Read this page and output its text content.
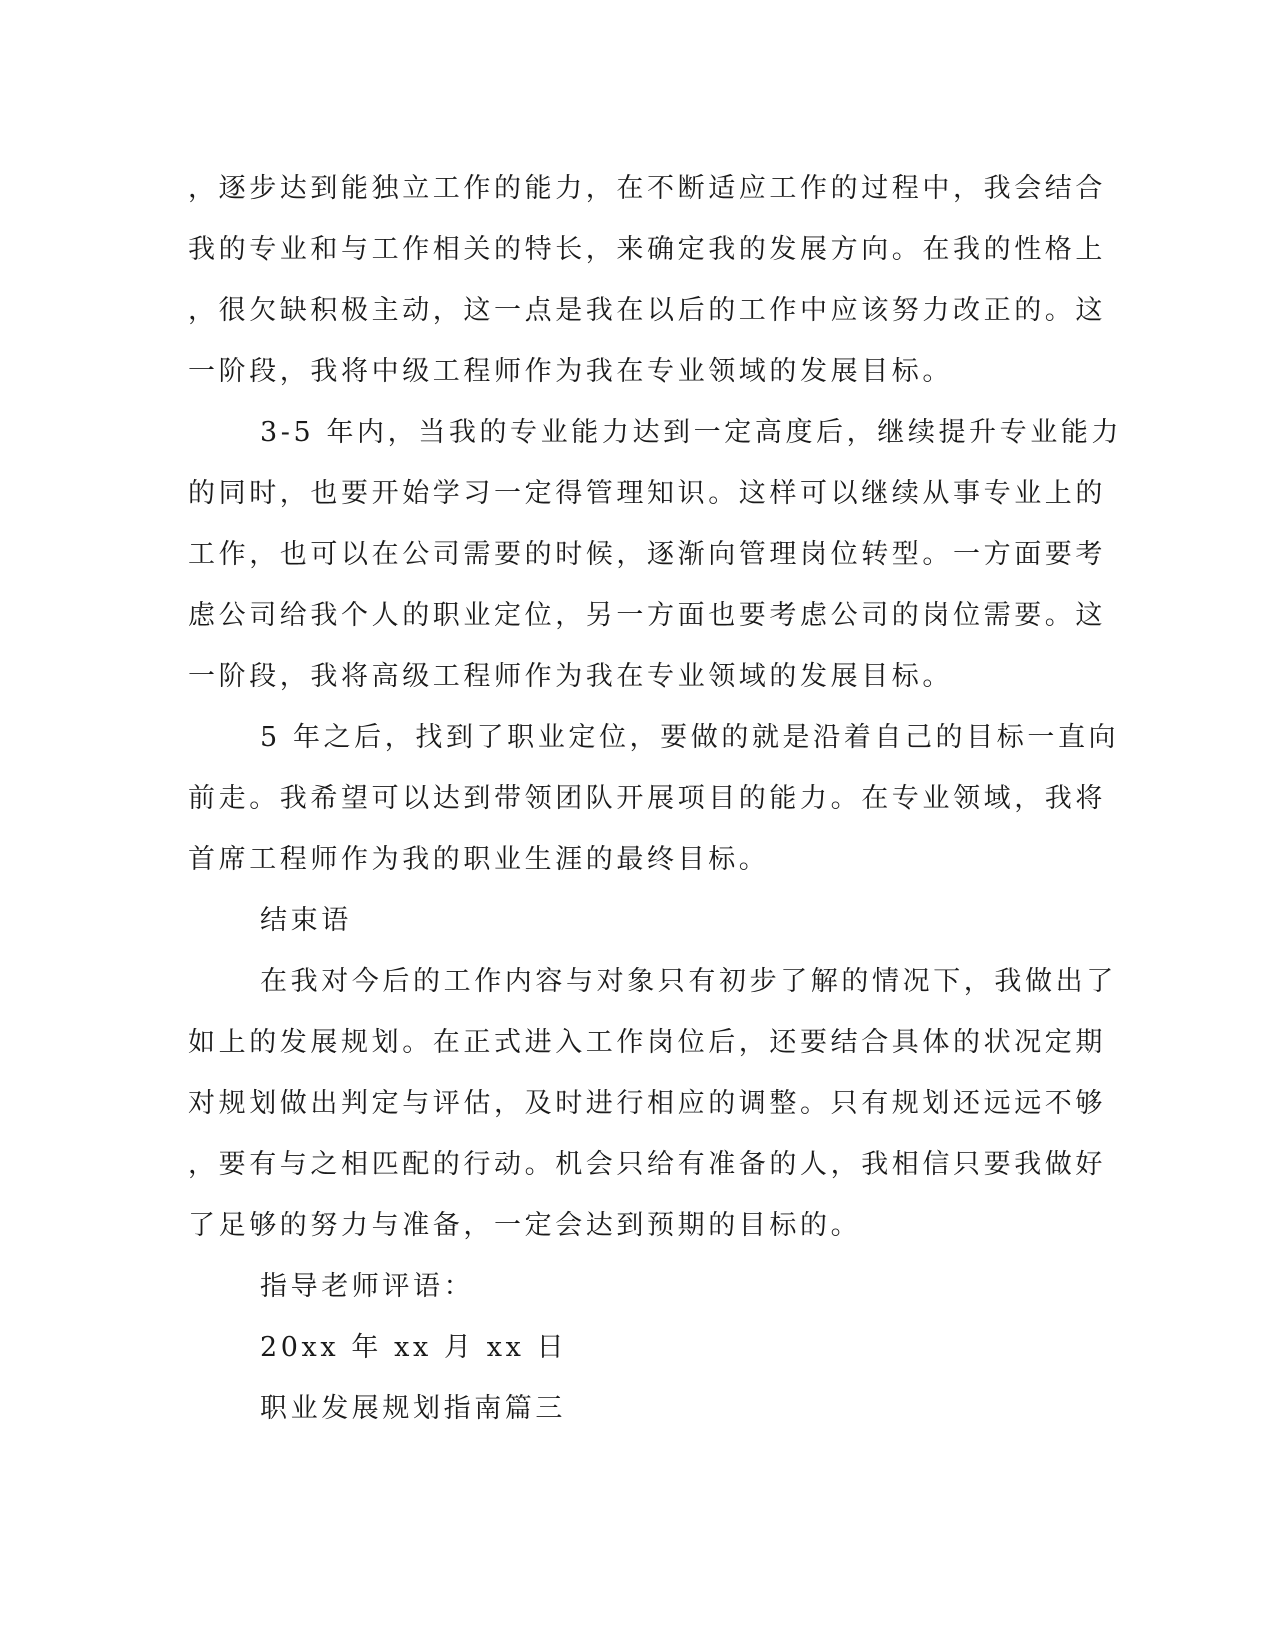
，逐步达到能独立工作的能力，在不断适应工作的过程中，我会结合
我的专业和与工作相关的特长，来确定我的发展方向。在我的性格上
，很欠缺积极主动，这一点是我在以后的工作中应该努力改正的。这
一阶段，我将中级工程师作为我在专业领域的发展目标。
3-5 年内，当我的专业能力达到一定高度后，继续提升专业能力
的同时，也要开始学习一定得管理知识。这样可以继续从事专业上的
工作，也可以在公司需要的时候，逐渐向管理岗位转型。一方面要考
虑公司给我个人的职业定位，另一方面也要考虑公司的岗位需要。这
一阶段，我将高级工程师作为我在专业领域的发展目标。
5 年之后，找到了职业定位，要做的就是沿着自己的目标一直向
前走。我希望可以达到带领团队开展项目的能力。在专业领域，我将
首席工程师作为我的职业生涯的最终目标。
结束语
在我对今后的工作内容与对象只有初步了解的情况下，我做出了
如上的发展规划。在正式进入工作岗位后，还要结合具体的状况定期
对规划做出判定与评估，及时进行相应的调整。只有规划还远远不够
，要有与之相匹配的行动。机会只给有准备的人，我相信只要我做好
了足够的努力与准备，一定会达到预期的目标的。
指导老师评语：
20xx 年 xx 月 xx 日
职业发展规划指南篇三
